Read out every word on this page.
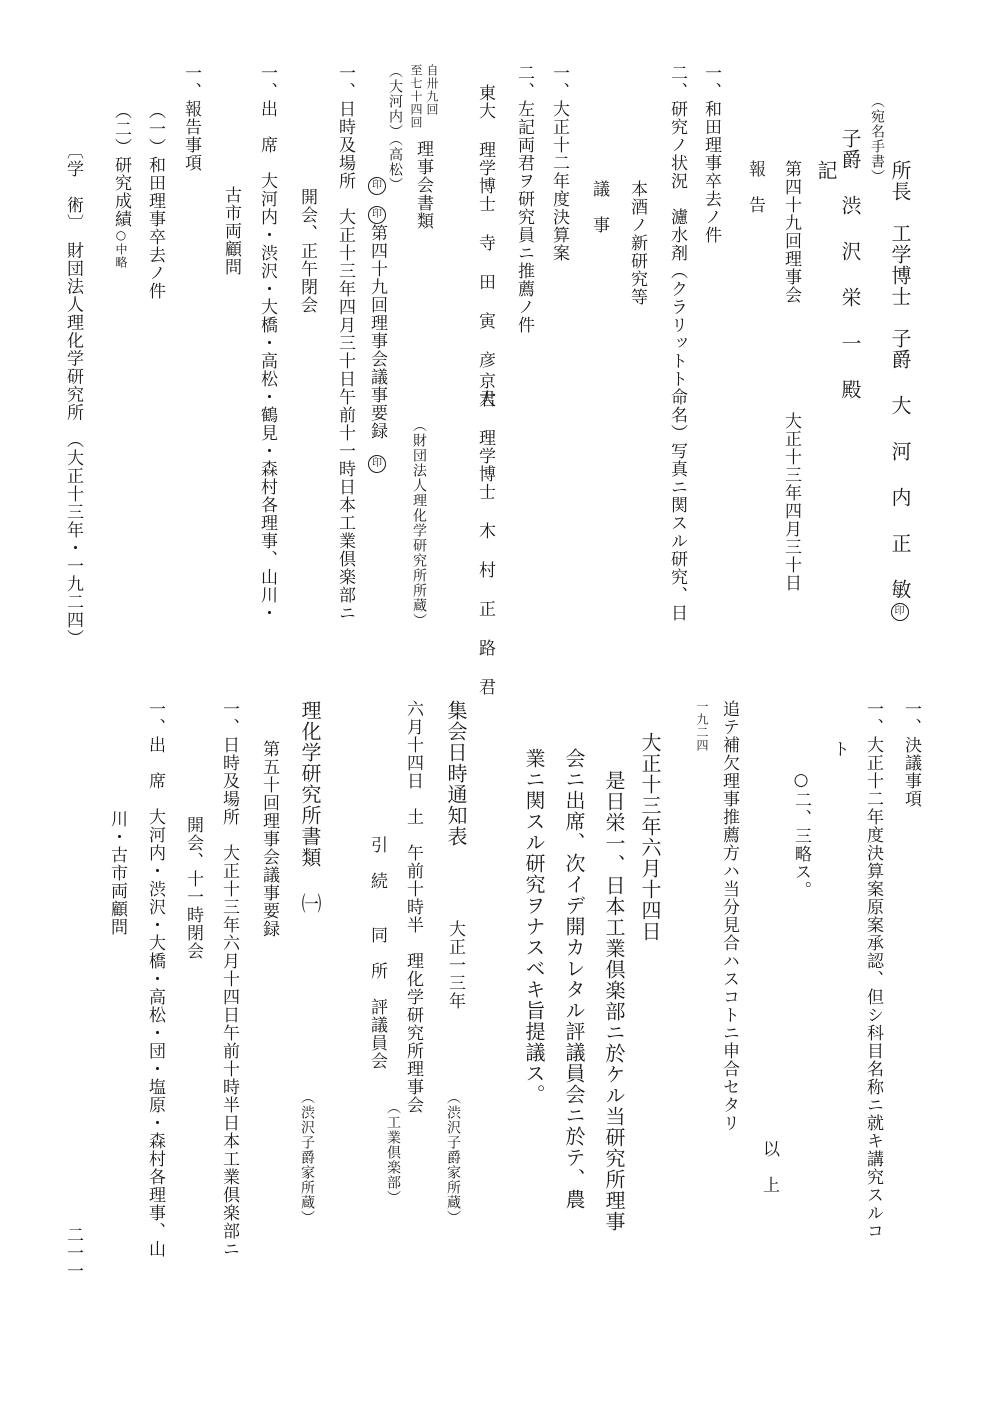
所長　工学博士　子爵 大 河 内 正 敏印

（宛名手書）

子爵 渋 沢 栄 一 殿

記

第四十九回理事会

大正十三年四月三十日

報　告

一、和田理事卒去ノ件

二、研究ノ状況　濾水剤（クラリットト命名）写真ニ関スル研究、日

本酒ノ新研究等

議　事

一、大正十二年度決算案

二、左記両君ヲ研究員ニ推薦ノ件

東大 理学博士 寺 田 寅 彦 君

京大 理学博士 木 村 正 路 君

自卅九回

至七十四回

理事会書類

（財団法人理化学研究所所蔵）

（大河内）（高松）

印 印

第四十九回理事会議事要録

印

一、日時及場所　大正十三年四月三十日午前十一時日本工業倶楽部ニ

開会、正午閉会

一、出　席　大河内・渋沢・大橋・高松・鶴見・森村各理事、山川・

古市両顧問

一、報告事項

（一）和田理事卒去ノ件

（二）研究成績○中略

〔学　術〕　財団法人理化学研究所　（大正十三年・一九二四）

一、決議事項

一、大正十二年度決算案原案承認、但シ科目名称ニ就キ講究スルコ

ト

○二、三略ス。

以　上

追テ補欠理事推薦方ハ当分見合ハスコトニ申合セタリ

一九二四

大正十三年六月十四日

是日栄一、日本工業倶楽部ニ於ケル当研究所理事

会ニ出席、次イデ開カレタル評議員会ニ於テ、農

業ニ関スル研究ヲナスベキ旨提議ス。

集会日時通知表

大正一三年

（渋沢子爵家所蔵）

六月十四日　土　午前十時半　理化学研究所理事会

（工業倶楽部）

引　続　　同　所　評議員会

理化学研究所書類 ㈠

（渋沢子爵家所蔵）

第五十回理事会議事要録

一、日時及場所　大正十三年六月十四日午前十時半日本工業倶楽部ニ

開会、十一時閉会

一、出　席　大河内・渋沢・大橋・高松・団・塩原・森村各理事、山

川・古市両顧問

二一一
